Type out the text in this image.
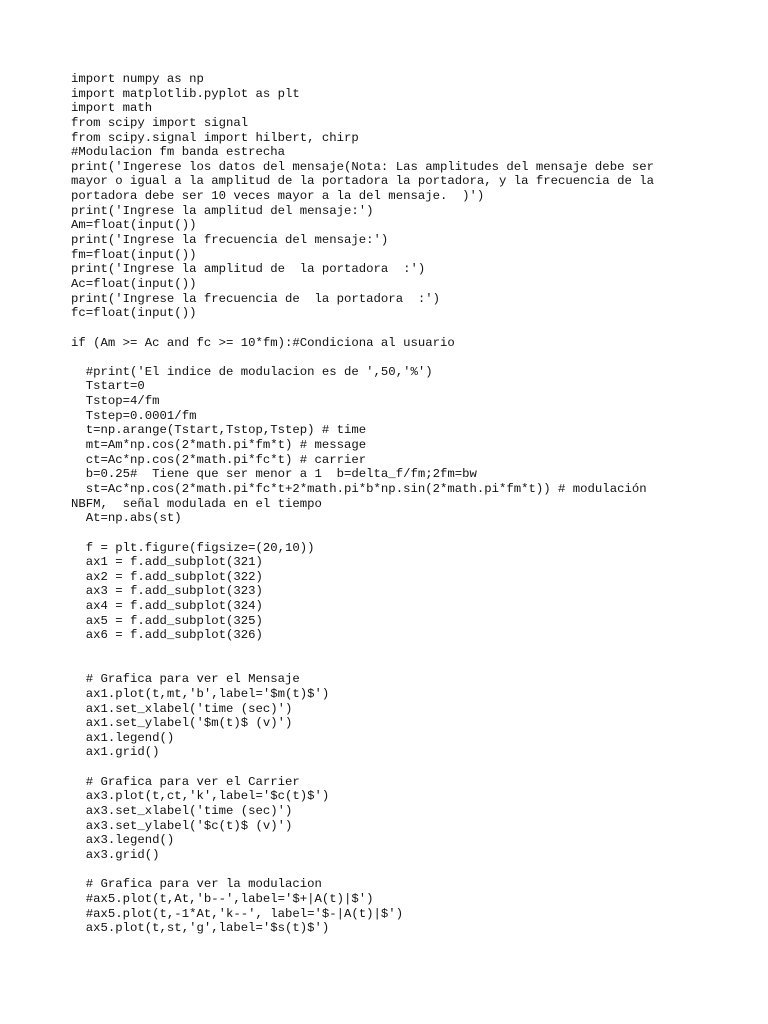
import numpy as np
import matplotlib.pyplot as plt
import math
from scipy import signal
from scipy.signal import hilbert, chirp
#Modulacion fm banda estrecha
print('Ingerese los datos del mensaje(Nota: Las amplitudes del mensaje debe ser
mayor o igual a la amplitud de la portadora la portadora, y la frecuencia de la
portadora debe ser 10 veces mayor a la del mensaje.  )')
print('Ingrese la amplitud del mensaje:')
Am=float(input())
print('Ingrese la frecuencia del mensaje:')
fm=float(input())
print('Ingrese la amplitud de  la portadora  :')
Ac=float(input())
print('Ingrese la frecuencia de  la portadora  :')
fc=float(input())
if (Am >= Ac and fc >= 10*fm):#Condiciona al usuario
#print('El indice de modulacion es de ',50,'%')
Tstart=0
Tstop=4/fm
Tstep=0.0001/fm
t=np.arange(Tstart,Tstop,Tstep) # time
mt=Am*np.cos(2*math.pi*fm*t) # message
ct=Ac*np.cos(2*math.pi*fc*t) # carrier
b=0.25#  Tiene que ser menor a 1  b=delta_f/fm;2fm=bw
st=Ac*np.cos(2*math.pi*fc*t+2*math.pi*b*np.sin(2*math.pi*fm*t)) # modulación
NBFM,  señal modulada en el tiempo
At=np.abs(st)
f = plt.figure(figsize=(20,10))
ax1 = f.add_subplot(321)
ax2 = f.add_subplot(322)
ax3 = f.add_subplot(323)
ax4 = f.add_subplot(324)
ax5 = f.add_subplot(325)
ax6 = f.add_subplot(326)
# Grafica para ver el Mensaje
ax1.plot(t,mt,'b',label='$m(t)$')
ax1.set_xlabel('time (sec)')
ax1.set_ylabel('$m(t)$ (v)')
ax1.legend()
ax1.grid()
# Grafica para ver el Carrier
ax3.plot(t,ct,'k',label='$c(t)$')
ax3.set_xlabel('time (sec)')
ax3.set_ylabel('$c(t)$ (v)')
ax3.legend()
ax3.grid()
# Grafica para ver la modulacion
#ax5.plot(t,At,'b--',label='$+|A(t)|$')
#ax5.plot(t,-1*At,'k--', label='$-|A(t)|$')
ax5.plot(t,st,'g',label='$s(t)$')
